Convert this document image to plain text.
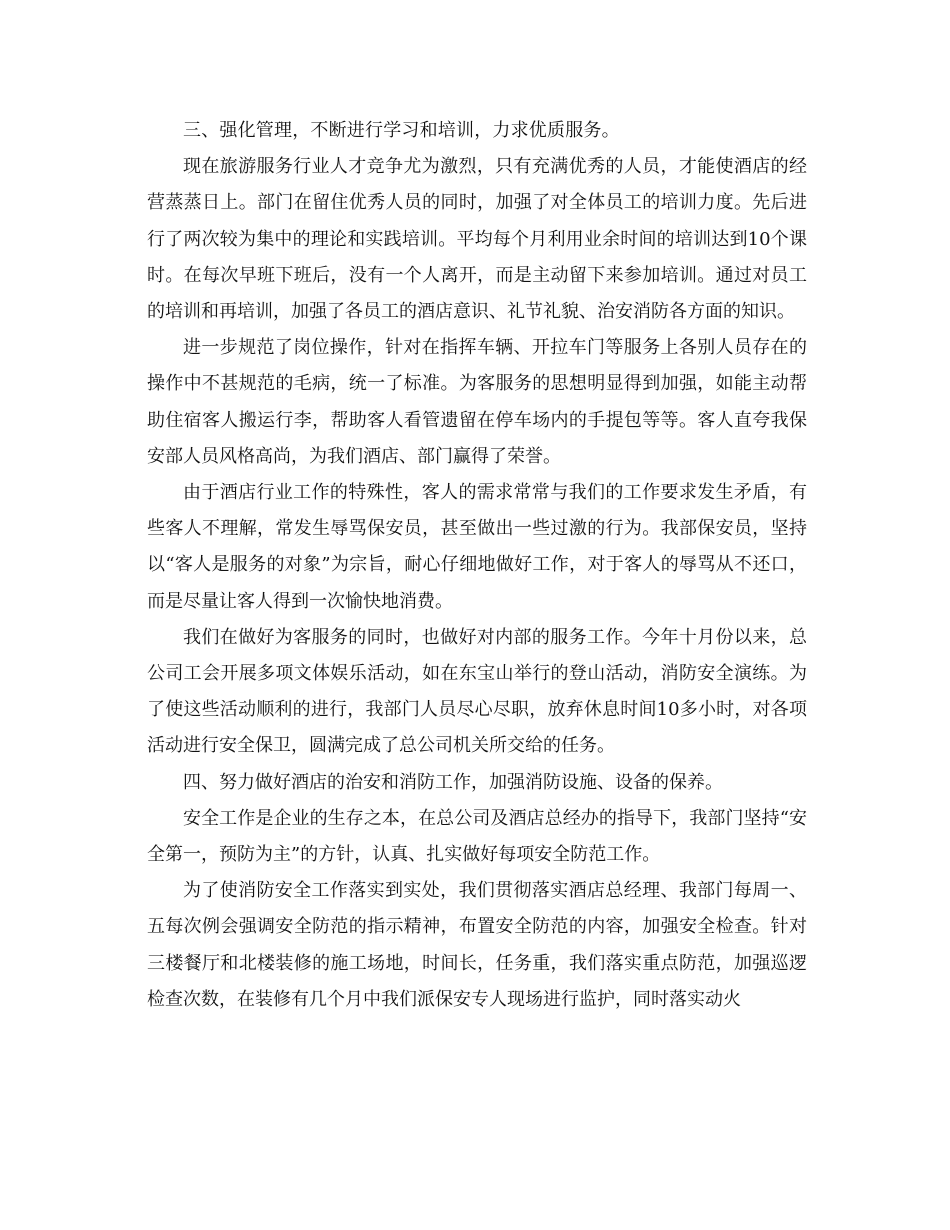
三、强化管理，不断进行学习和培训，力求优质服务。

现在旅游服务行业人才竞争尤为激烈，只有充满优秀的人员，才能使酒店的经营蒸蒸日上。部门在留住优秀人员的同时，加强了对全体员工的培训力度。先后进行了两次较为集中的理论和实践培训。平均每个月利用业余时间的培训达到10个课时。在每次早班下班后，没有一个人离开，而是主动留下来参加培训。通过对员工的培训和再培训，加强了各员工的酒店意识、礼节礼貌、治安消防各方面的知识。

进一步规范了岗位操作，针对在指挥车辆、开拉车门等服务上各别人员存在的操作中不甚规范的毛病，统一了标准。为客服务的思想明显得到加强，如能主动帮助住宿客人搬运行李，帮助客人看管遗留在停车场内的手提包等等。客人直夸我保安部人员风格高尚，为我们酒店、部门赢得了荣誉。

由于酒店行业工作的特殊性，客人的需求常常与我们的工作要求发生矛盾，有些客人不理解，常发生辱骂保安员，甚至做出一些过激的行为。我部保安员，坚持以“客人是服务的对象”为宗旨，耐心仔细地做好工作，对于客人的辱骂从不还口，而是尽量让客人得到一次愉快地消费。

我们在做好为客服务的同时，也做好对内部的服务工作。今年十月份以来，总公司工会开展多项文体娱乐活动，如在东宝山举行的登山活动，消防安全演练。为了使这些活动顺利的进行，我部门人员尽心尽职，放弃休息时间10多小时，对各项活动进行安全保卫，圆满完成了总公司机关所交给的任务。

四、努力做好酒店的治安和消防工作，加强消防设施、设备的保养。

安全工作是企业的生存之本，在总公司及酒店总经办的指导下，我部门坚持“安全第一，预防为主”的方针，认真、扎实做好每项安全防范工作。

为了使消防安全工作落实到实处，我们贯彻落实酒店总经理、我部门每周一、五每次例会强调安全防范的指示精神，布置安全防范的内容，加强安全检查。针对三楼餐厅和北楼装修的施工场地，时间长，任务重，我们落实重点防范，加强巡逻检查次数，在装修有几个月中我们派保安专人现场进行监护，同时落实动火
